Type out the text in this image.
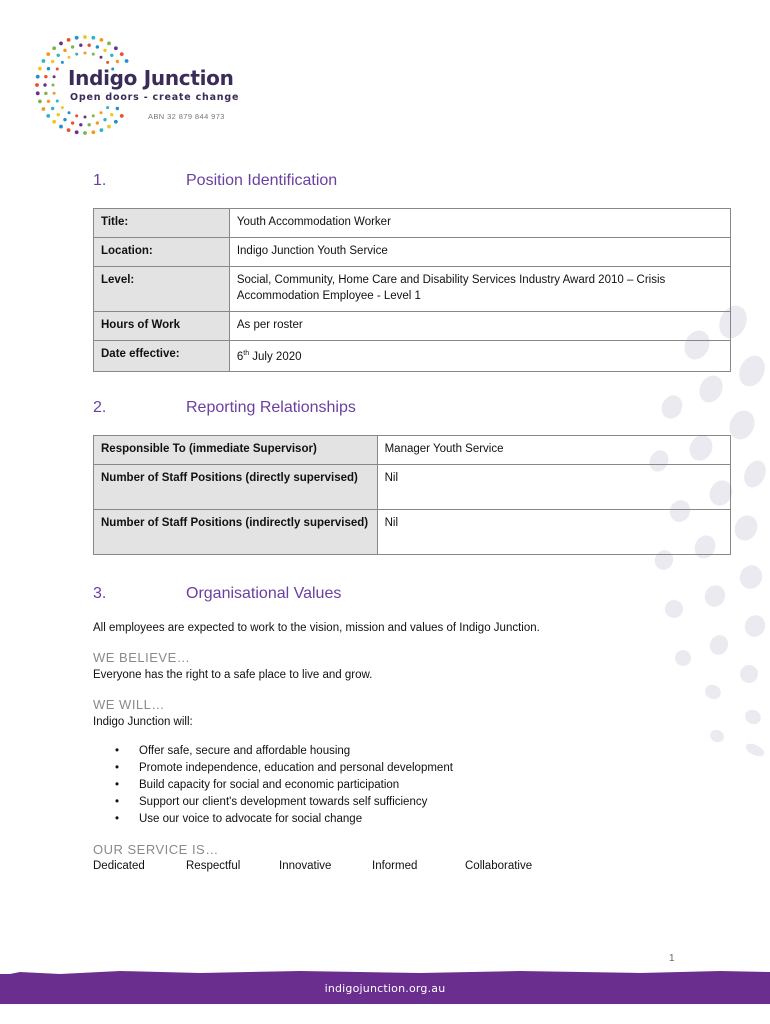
Indigo Junction
Open doors - create change
ABN 32 879 844 973
1.	Position Identification
Title:	Youth Accommodation Worker
Location:	Indigo Junction Youth Service
Level:	Social, Community, Home Care and Disability Services Industry Award 2010 – Crisis Accommodation Employee - Level 1
Hours of Work	As per roster
Date effective:	6th July 2020
2.	Reporting Relationships
Responsible To (immediate Supervisor)	Manager Youth Service
Number of Staff Positions (directly supervised)	Nil
Number of Staff Positions (indirectly supervised)	Nil
3.	Organisational Values
All employees are expected to work to the vision, mission and values of Indigo Junction.
WE BELIEVE…
Everyone has the right to a safe place to live and grow.
WE WILL…
Indigo Junction will:
• Offer safe, secure and affordable housing
• Promote independence, education and personal development
• Build capacity for social and economic participation
• Support our client's development towards self sufficiency
• Use our voice to advocate for social change
OUR SERVICE IS…
Dedicated	Respectful	Innovative	Informed	Collaborative
1
indigojunction.org.au
